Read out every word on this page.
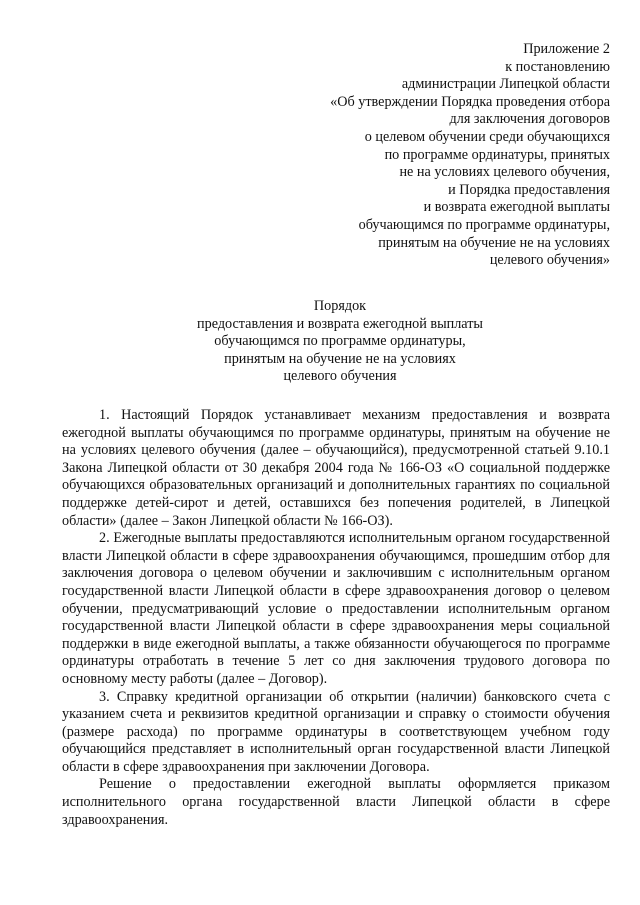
Приложение 2
к постановлению
администрации Липецкой области
«Об утверждении Порядка проведения отбора
для заключения договоров
о целевом обучении среди обучающихся
по программе ординатуры, принятых
не на условиях целевого обучения,
и Порядка предоставления
и возврата ежегодной выплаты
обучающимся по программе ординатуры,
принятым на обучение не на условиях
целевого обучения»
Порядок
предоставления и возврата ежегодной выплаты
обучающимся по программе ординатуры,
принятым на обучение не на условиях
целевого обучения

1. Настоящий Порядок устанавливает механизм предоставления и возврата ежегодной выплаты обучающимся по программе ординатуры, принятым на обучение не на условиях целевого обучения (далее – обучающийся), предусмотренной статьей 9.10.1 Закона Липецкой области от 30 декабря 2004 года № 166-ОЗ «О социальной поддержке обучающихся образовательных организаций и дополнительных гарантиях по социальной поддержке детей-сирот и детей, оставшихся без попечения родителей, в Липецкой области» (далее – Закон Липецкой области № 166-ОЗ).

2. Ежегодные выплаты предоставляются исполнительным органом государственной власти Липецкой области в сфере здравоохранения обучающимся, прошедшим отбор для заключения договора о целевом обучении и заключившим с исполнительным органом государственной власти Липецкой области в сфере здравоохранения договор о целевом обучении, предусматривающий условие о предоставлении исполнительным органом государственной власти Липецкой области в сфере здравоохранения меры социальной поддержки в виде ежегодной выплаты, а также обязанности обучающегося по программе ординатуры отработать в течение 5 лет со дня заключения трудового договора по основному месту работы (далее – Договор).

3. Справку кредитной организации об открытии (наличии) банковского счета с указанием счета и реквизитов кредитной организации и справку о стоимости обучения (размере расхода) по программе ординатуры в соответствующем учебном году обучающийся представляет в исполнительный орган государственной власти Липецкой области в сфере здравоохранения при заключении Договора.

Решение о предоставлении ежегодной выплаты оформляется приказом исполнительного органа государственной власти Липецкой области в сфере здравоохранения.
